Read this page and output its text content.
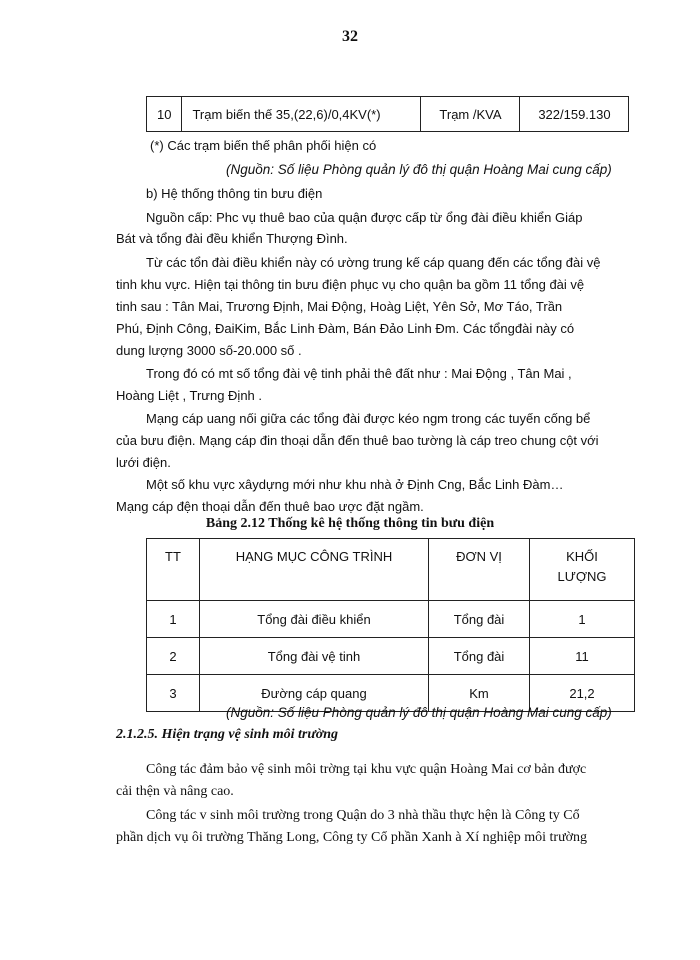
32
10	Trạm biến thế 35,(22,6)/0,4KV(*)	Trạm /KVA	322/159.130
(*) Các trạm biến thế phân phối hiện có
(Nguồn: Số liệu Phòng quản lý đô thị quận Hoàng Mai cung cấp)
b) Hệ thống thông tin bưu điện
Nguồn cấp: Phc vụ thuê bao của quận được cấp từ ổng đài điều khiển Giáp
Bát và tổng đài đều khiển Thượng Đình.
Từ các tổn đài điều khiển này có ường trung kế cáp quang đến các tổng đài vệ
tinh khu vực. Hiện tại thông tin bưu điện phục vụ cho quận ba gồm 11 tổng đài vệ
tinh sau : Tân Mai, Trương Định, Mai Động, Hoàg Liệt, Yên Sở, Mơ Táo, Trần
Phú, Định Công, ĐaiKim, Bắc Linh Đàm, Bán Đảo Linh Đm. Các tổngđài này có
dung lượng 3000 số-20.000 số .
Trong đó có mt số tổng đài vệ tinh phải thê đất như : Mai Động , Tân Mai ,
Hoàng Liệt , Trưng Định .
Mạng cáp uang nối giữa các tổng đài được kéo ngm trong các tuyến cống bể
của bưu điện. Mạng cáp đin thoại dẫn đến thuê bao tường là cáp treo chung cột với
lưới điện.
Một số khu vực xâydựng mới như khu nhà ở Định Cng, Bắc Linh Đàm…
Mạng cáp đện thoại dẫn đến thuê bao ược đặt ngầm.
Bảng 2.12 Thống kê hệ thống thông tin bưu điện
TT	HẠNG MỤC CÔNG TRÌNH	ĐƠN VỊ	KHỐI
LƯỢNG

1	Tổng đài điều khiển	Tổng đài	1
2	Tổng đài vệ tinh	Tổng đài	11
3	Đường cáp quang	Km	21,2
(Nguồn: Số liệu Phòng quản lý đô thị quận Hoàng Mai cung cấp)
2.1.2.5. Hiện trạng vệ sinh môi trường
Công tác đảm bảo vệ sinh môi trờng tại khu vực quận Hoàng Mai cơ bản được
cải thện và nâng cao.
Công tác v sinh môi trường trong Quận do 3 nhà thầu thực hện là Công ty Cổ
phần dịch vụ ôi trường Thăng Long, Công ty Cổ phần Xanh à Xí nghiệp môi trường
